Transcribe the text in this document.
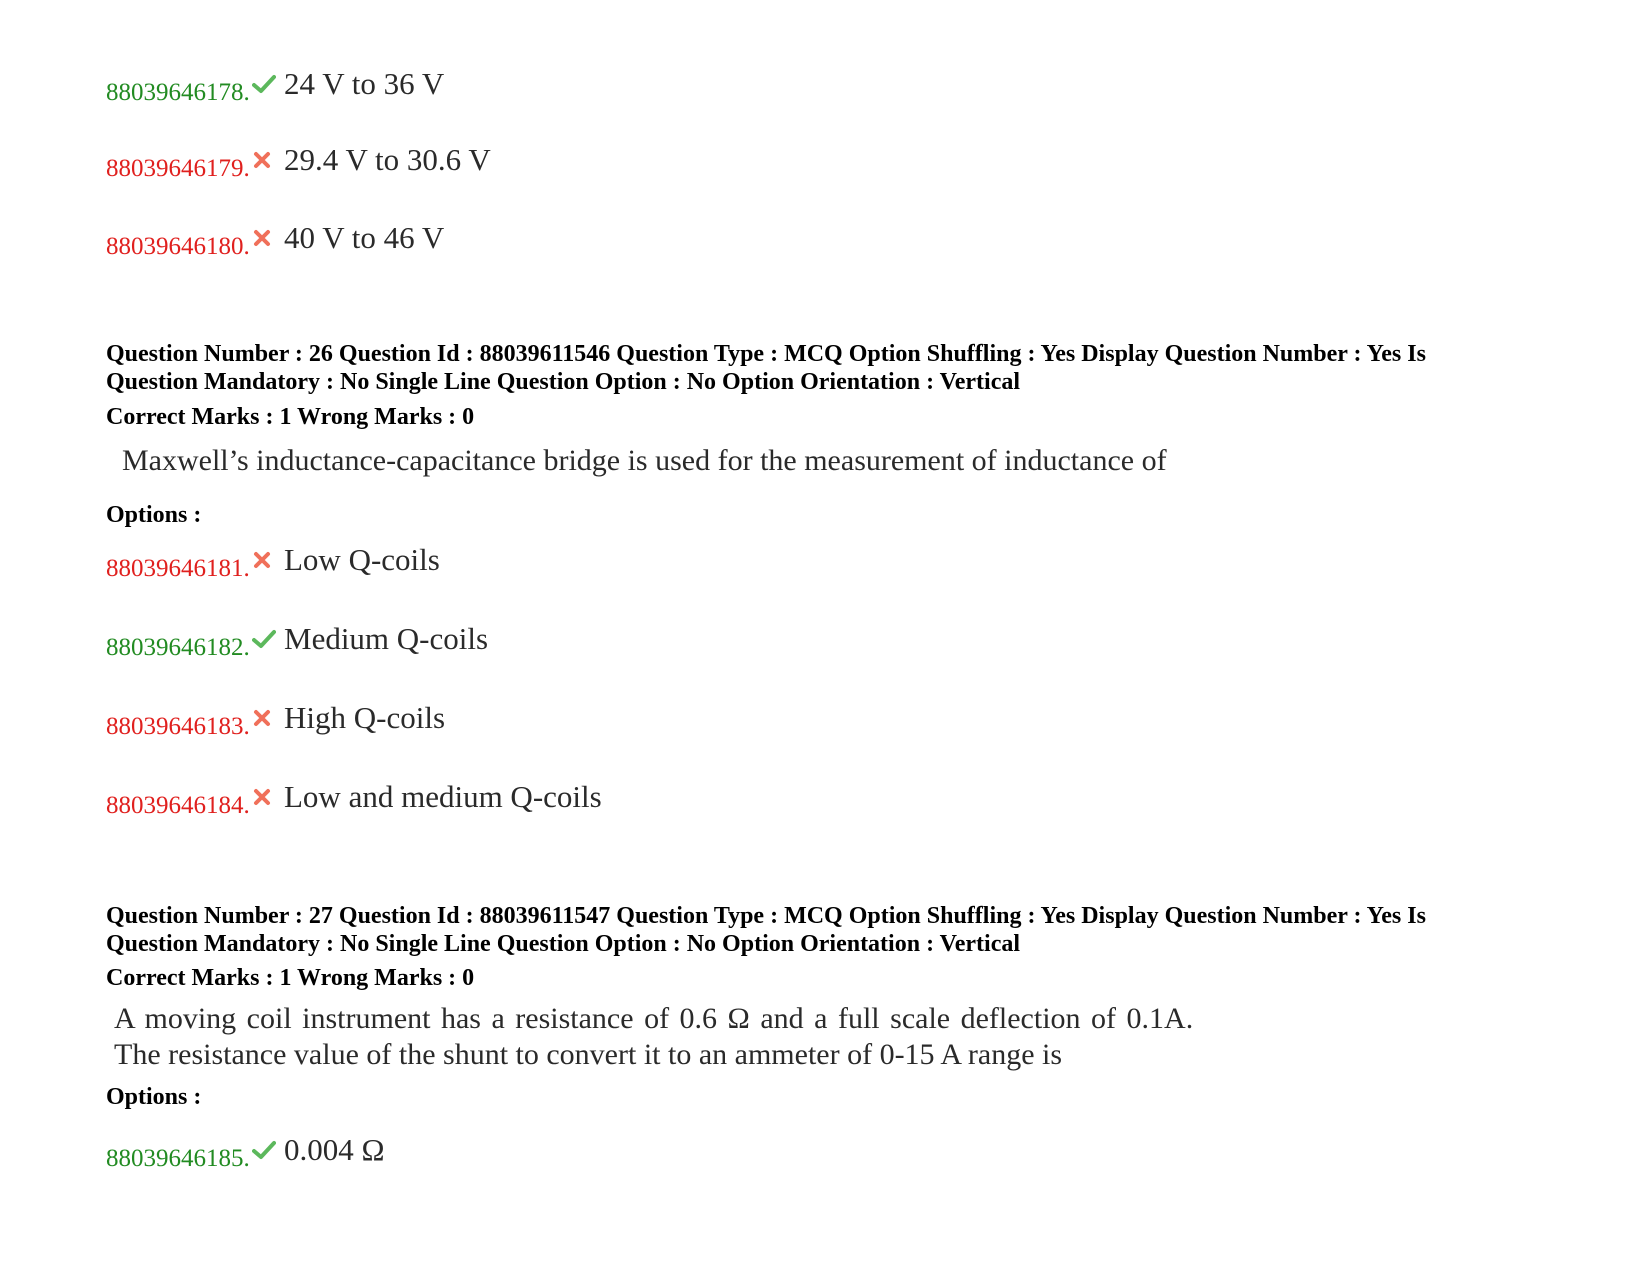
88039646178. 24 V to 36 V
88039646179. 29.4 V to 30.6 V
88039646180. 40 V to 46 V
Question Number : 26 Question Id : 88039611546 Question Type : MCQ Option Shuffling : Yes Display Question Number : Yes Is
Question Mandatory : No Single Line Question Option : No Option Orientation : Vertical
Correct Marks : 1 Wrong Marks : 0
Maxwell’s inductance-capacitance bridge is used for the measurement of inductance of
Options :
88039646181. Low Q-coils
88039646182. Medium Q-coils
88039646183. High Q-coils
88039646184. Low and medium Q-coils
Question Number : 27 Question Id : 88039611547 Question Type : MCQ Option Shuffling : Yes Display Question Number : Yes Is
Question Mandatory : No Single Line Question Option : No Option Orientation : Vertical
Correct Marks : 1 Wrong Marks : 0
A moving coil instrument has a resistance of 0.6 Ω and a full scale deflection of 0.1A.
The resistance value of the shunt to convert it to an ammeter of 0-15 A range is
Options :
88039646185. 0.004 Ω
